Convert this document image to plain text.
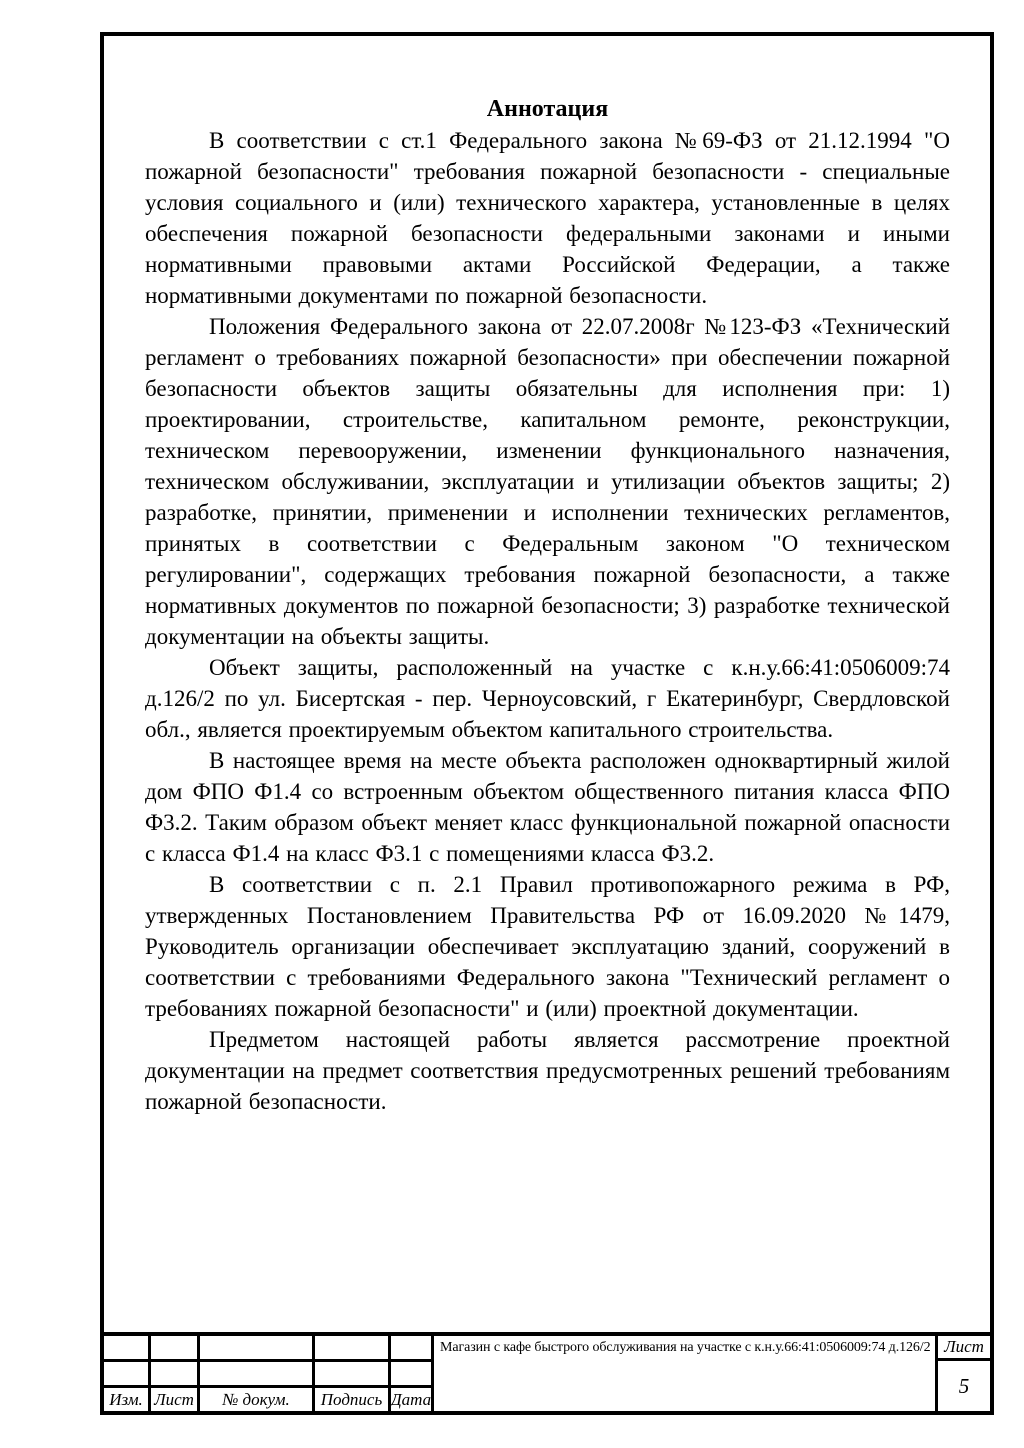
Аннотация

В соответствии с ст.1 Федерального закона №69-ФЗ от 21.12.1994 "О пожарной безопасности" требования пожарной безопасности - специальные условия социального и (или) технического характера, установленные в целях обеспечения пожарной безопасности федеральными законами и иными нормативными правовыми актами Российской Федерации, а также нормативными документами по пожарной безопасности.

Положения Федерального закона от 22.07.2008г №123-ФЗ «Технический регламент о требованиях пожарной безопасности» при обеспечении пожарной безопасности объектов защиты обязательны для исполнения при: 1) проектировании, строительстве, капитальном ремонте, реконструкции, техническом перевооружении, изменении функционального назначения, техническом обслуживании, эксплуатации и утилизации объектов защиты; 2) разработке, принятии, применении и исполнении технических регламентов, принятых в соответствии с Федеральным законом "О техническом регулировании", содержащих требования пожарной безопасности, а также нормативных документов по пожарной безопасности; 3) разработке технической документации на объекты защиты.

Объект защиты, расположенный на участке с к.н.у.66:41:0506009:74 д.126/2 по ул. Бисертская - пер. Черноусовский, г Екатеринбург, Свердловской обл., является проектируемым объектом капитального строительства.

В настоящее время на месте объекта расположен одноквартирный жилой дом ФПО Ф1.4 со встроенным объектом общественного питания класса ФПО Ф3.2. Таким образом объект меняет класс функциональной пожарной опасности с класса Ф1.4 на класс Ф3.1 с помещениями класса Ф3.2.

В соответствии с п. 2.1 Правил противопожарного режима в РФ, утвержденных Постановлением Правительства РФ от 16.09.2020 №1479, Руководитель организации обеспечивает эксплуатацию зданий, сооружений в соответствии с требованиями Федерального закона "Технический регламент о требованиях пожарной безопасности" и (или) проектной документации.

Предметом настоящей работы является рассмотрение проектной документации на предмет соответствия предусмотренных решений требованиям пожарной безопасности.

Изм. Лист	№ докум.	Подпись Дата
Магазин с кафе быстрого обслуживания на участке с к.н.у.66:41:0506009:74 д.126/2 Лист
5
